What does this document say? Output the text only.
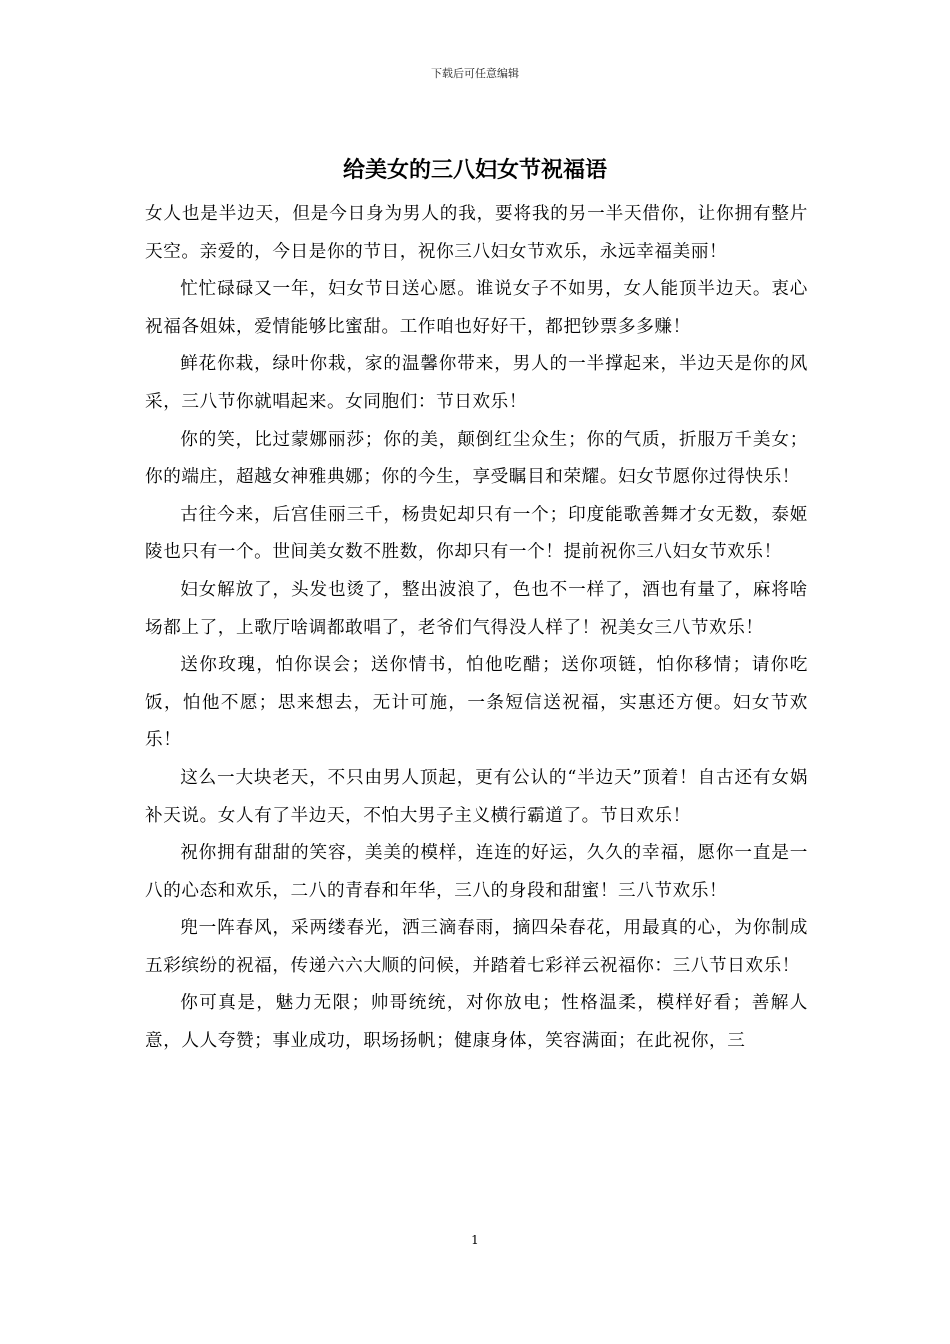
下载后可任意编辑
给美女的三八妇女节祝福语

女人也是半边天，但是今日身为男人的我，要将我的另一半天借你，让你拥有整片天空。亲爱的，今日是你的节日，祝你三八妇女节欢乐，永远幸福美丽！

忙忙碌碌又一年，妇女节日送心愿。谁说女子不如男，女人能顶半边天。衷心祝福各姐妹，爱情能够比蜜甜。工作咱也好好干，都把钞票多多赚！

鲜花你栽，绿叶你栽，家的温馨你带来，男人的一半撑起来，半边天是你的风采，三八节你就唱起来。女同胞们：节日欢乐！

你的笑，比过蒙娜丽莎；你的美，颠倒红尘众生；你的气质，折服万千美女；你的端庄，超越女神雅典娜；你的今生，享受瞩目和荣耀。妇女节愿你过得快乐！

古往今来，后宫佳丽三千，杨贵妃却只有一个；印度能歌善舞才女无数，泰姬陵也只有一个。世间美女数不胜数，你却只有一个！提前祝你三八妇女节欢乐！

妇女解放了，头发也烫了，整出波浪了，色也不一样了，酒也有量了，麻将啥场都上了，上歌厅啥调都敢唱了，老爷们气得没人样了！祝美女三八节欢乐！

送你玫瑰，怕你误会；送你情书，怕他吃醋；送你项链，怕你移情；请你吃饭，怕他不愿；思来想去，无计可施，一条短信送祝福，实惠还方便。妇女节欢乐！

这么一大块老天，不只由男人顶起，更有公认的“半边天”顶着！自古还有女娲补天说。女人有了半边天，不怕大男子主义横行霸道了。节日欢乐！

祝你拥有甜甜的笑容，美美的模样，连连的好运，久久的幸福，愿你一直是一八的心态和欢乐，二八的青春和年华，三八的身段和甜蜜！三八节欢乐！

兜一阵春风，采两缕春光，洒三滴春雨，摘四朵春花，用最真的心，为你制成五彩缤纷的祝福，传递六六大顺的问候，并踏着七彩祥云祝福你：三八节日欢乐！

你可真是，魅力无限；帅哥统统，对你放电；性格温柔，模样好看；善解人意，人人夸赞；事业成功，职场扬帆；健康身体，笑容满面；在此祝你，三

1
